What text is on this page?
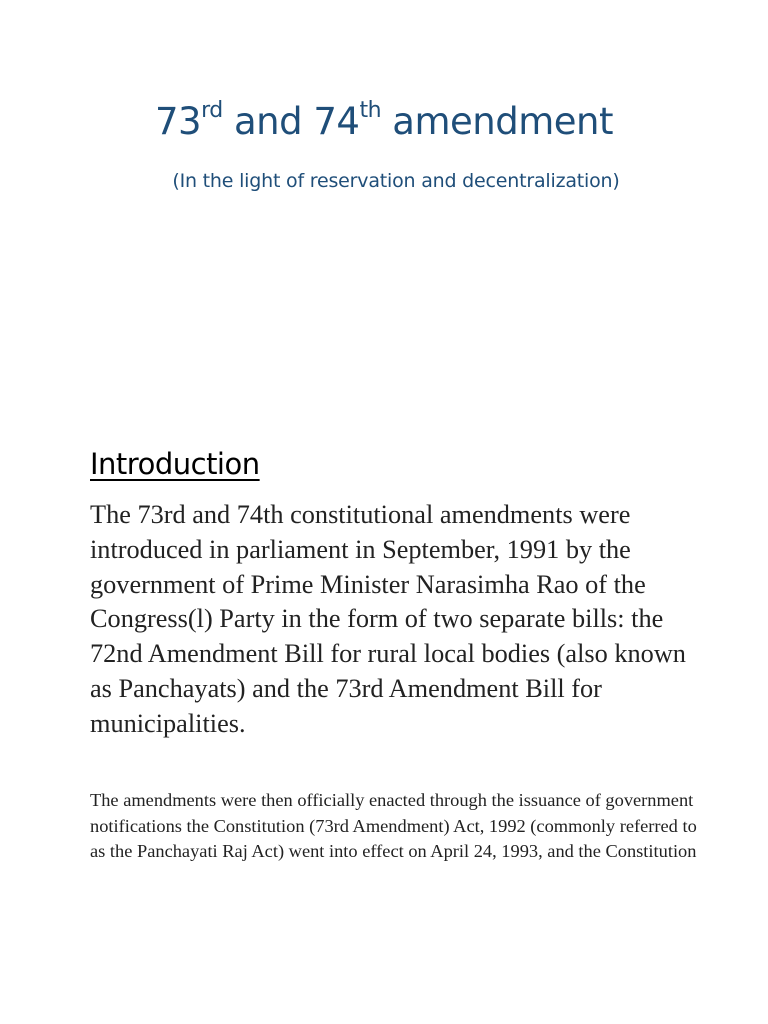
73rd and 74th amendment

(In the light of reservation and decentralization)

Introduction

The 73rd and 74th constitutional amendments were introduced in parliament in September, 1991 by the government of Prime Minister Narasimha Rao of the Congress(l) Party in the form of two separate bills: the 72nd Amendment Bill for rural local bodies (also known as Panchayats) and the 73rd Amendment Bill for municipalities.

The amendments were then officially enacted through the issuance of government notifications the Constitution (73rd Amendment) Act, 1992 (commonly referred to as the Panchayati Raj Act) went into effect on April 24, 1993, and the Constitution
